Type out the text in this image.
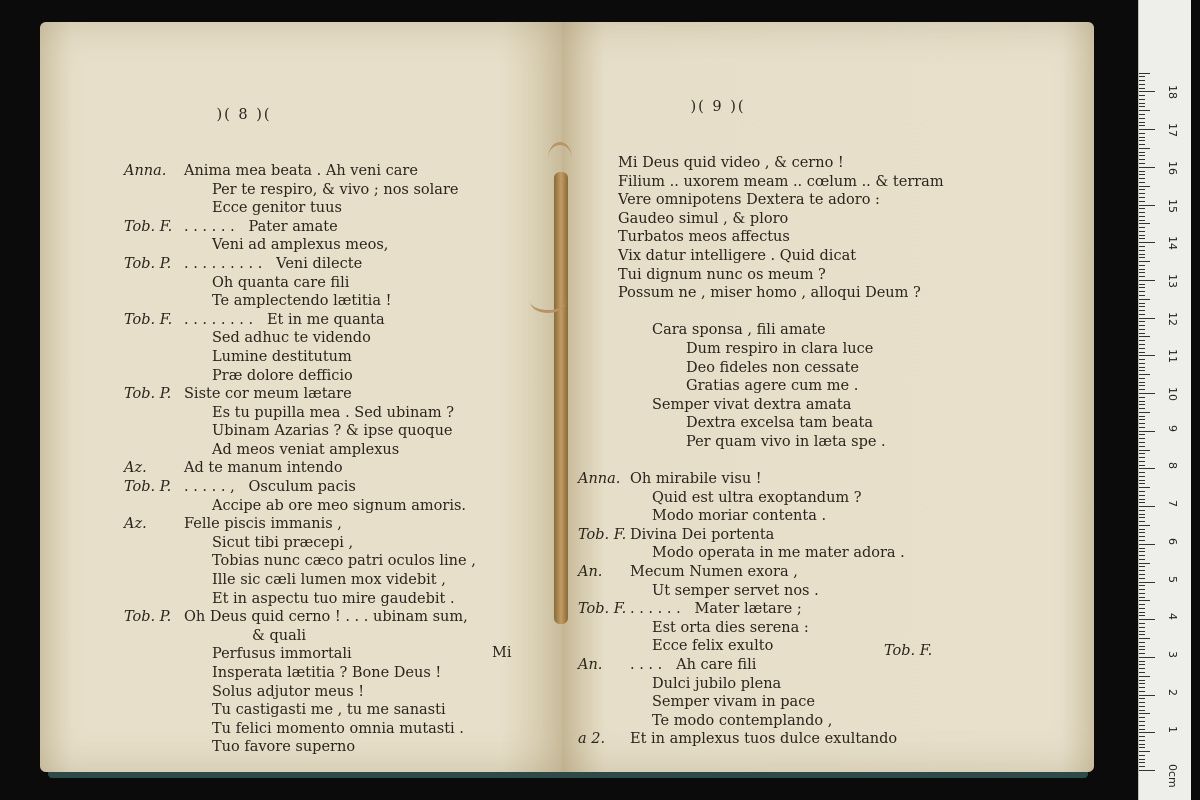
)( 8 )(

Anna. Anima mea beata . Ah veni care
Per te respiro, & vivo ; nos solare
Ecce genitor tuus
Tob. F. . . . . . .   Pater amate
Veni ad amplexus meos,
Tob. P. . . . . . . . . .   Veni dilecte
Oh quanta care fili
Te amplectendo lætitia !
Tob. F. . . . . . . . .   Et in me quanta
Sed adhuc te videndo
Lumine destitutum
Præ dolore defficio
Tob. P. Siste cor meum lætare
Es tu pupilla mea . Sed ubinam ?
Ubinam Azarias ? & ipse quoque
Ad meos veniat amplexus
Az.	Ad te manum intendo
Tob. P. . . . . . ,   Osculum pacis
Accipe ab ore meo signum amoris.
Az.	Felle piscis immanis ,
Sicut tibi præcepi ,
Tobias nunc cæco patri oculos line ,
Ille sic cæli lumen mox videbit ,
Et in aspectu tuo mire gaudebit .
Tob. P. Oh Deus quid cerno ! . . . ubinam sum,
& quali
Perfusus immortali
Insperata lætitia ? Bone Deus !
Solus adjutor meus !
Tu castigasti me , tu me sanasti
Tu felici momento omnia mutasti .
Tuo favore superno
Mi

)( 9 )(

Mi Deus quid video , & cerno !
Filium .. uxorem meam .. cœlum .. & terram
Vere omnipotens Dextera te adoro :
Gaudeo simul , & ploro
Turbatos meos affectus
Vix datur intelligere . Quid dicat
Tui dignum nunc os meum ?
Possum ne , miser homo , alloqui Deum ?
Cara sponsa , fili amate
Dum respiro in clara luce
Deo fideles non cessate
Gratias agere cum me .
Semper vivat dextra amata
Dextra excelsa tam beata
Per quam vivo in læta spe .
Anna. Oh mirabile visu !
Quid est ultra exoptandum ?
Modo moriar contenta .
Tob. F. Divina Dei portenta
Modo operata in me mater adora .
An. Mecum Numen exora ,
Ut semper servet nos .
Tob. F. . . . . . .   Mater lætare ;
Est orta dies serena :
Ecce felix exulto
An. . . . .   Ah care fili
Dulci jubilo plena
Semper vivam in pace
Te modo contemplando ,
a 2. Et in amplexus tuos dulce exultando
Tob. F.
0cm
1
2
3
4
5
6
7
8
9
10
11
12
13
14
15
16
17
18
